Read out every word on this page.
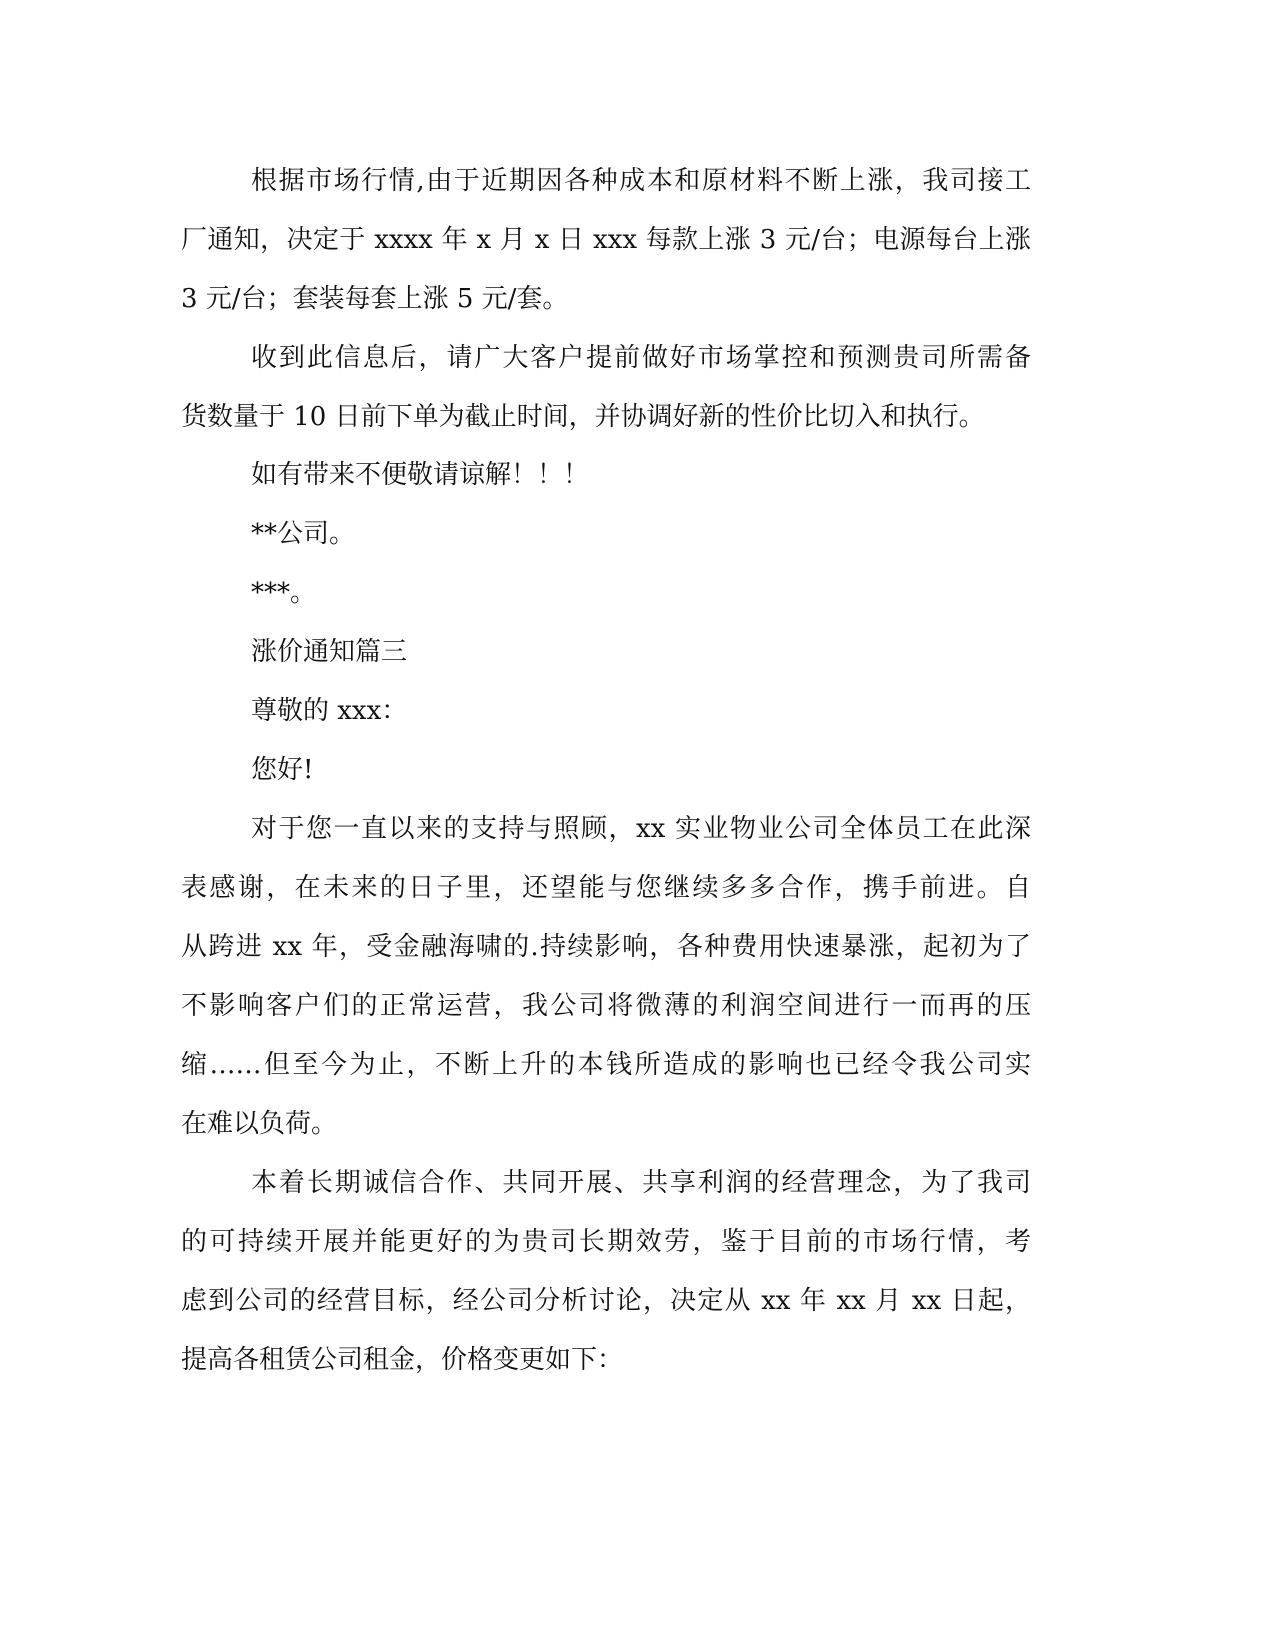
根据市场行情,由于近期因各种成本和原材料不断上涨，我司接工

厂通知，决定于 xxxx 年 x 月 x 日 xxx 每款上涨 3 元/台；电源每台上涨

3 元/台；套装每套上涨 5 元/套。

收到此信息后，请广大客户提前做好市场掌控和预测贵司所需备

货数量于 10 日前下单为截止时间，并协调好新的性价比切入和执行。

如有带来不便敬请谅解！！！

**公司。

***。

涨价通知篇三

尊敬的 xxx：

您好!

对于您一直以来的支持与照顾，xx 实业物业公司全体员工在此深

表感谢，在未来的日子里，还望能与您继续多多合作，携手前进。自

从跨进 xx 年，受金融海啸的.持续影响，各种费用快速暴涨，起初为了

不影响客户们的正常运营，我公司将微薄的利润空间进行一而再的压

缩……但至今为止，不断上升的本钱所造成的影响也已经令我公司实

在难以负荷。

本着长期诚信合作、共同开展、共享利润的经营理念，为了我司

的可持续开展并能更好的为贵司长期效劳，鉴于目前的市场行情，考

虑到公司的经营目标，经公司分析讨论，决定从 xx 年 xx 月 xx 日起，

提高各租赁公司租金，价格变更如下：
